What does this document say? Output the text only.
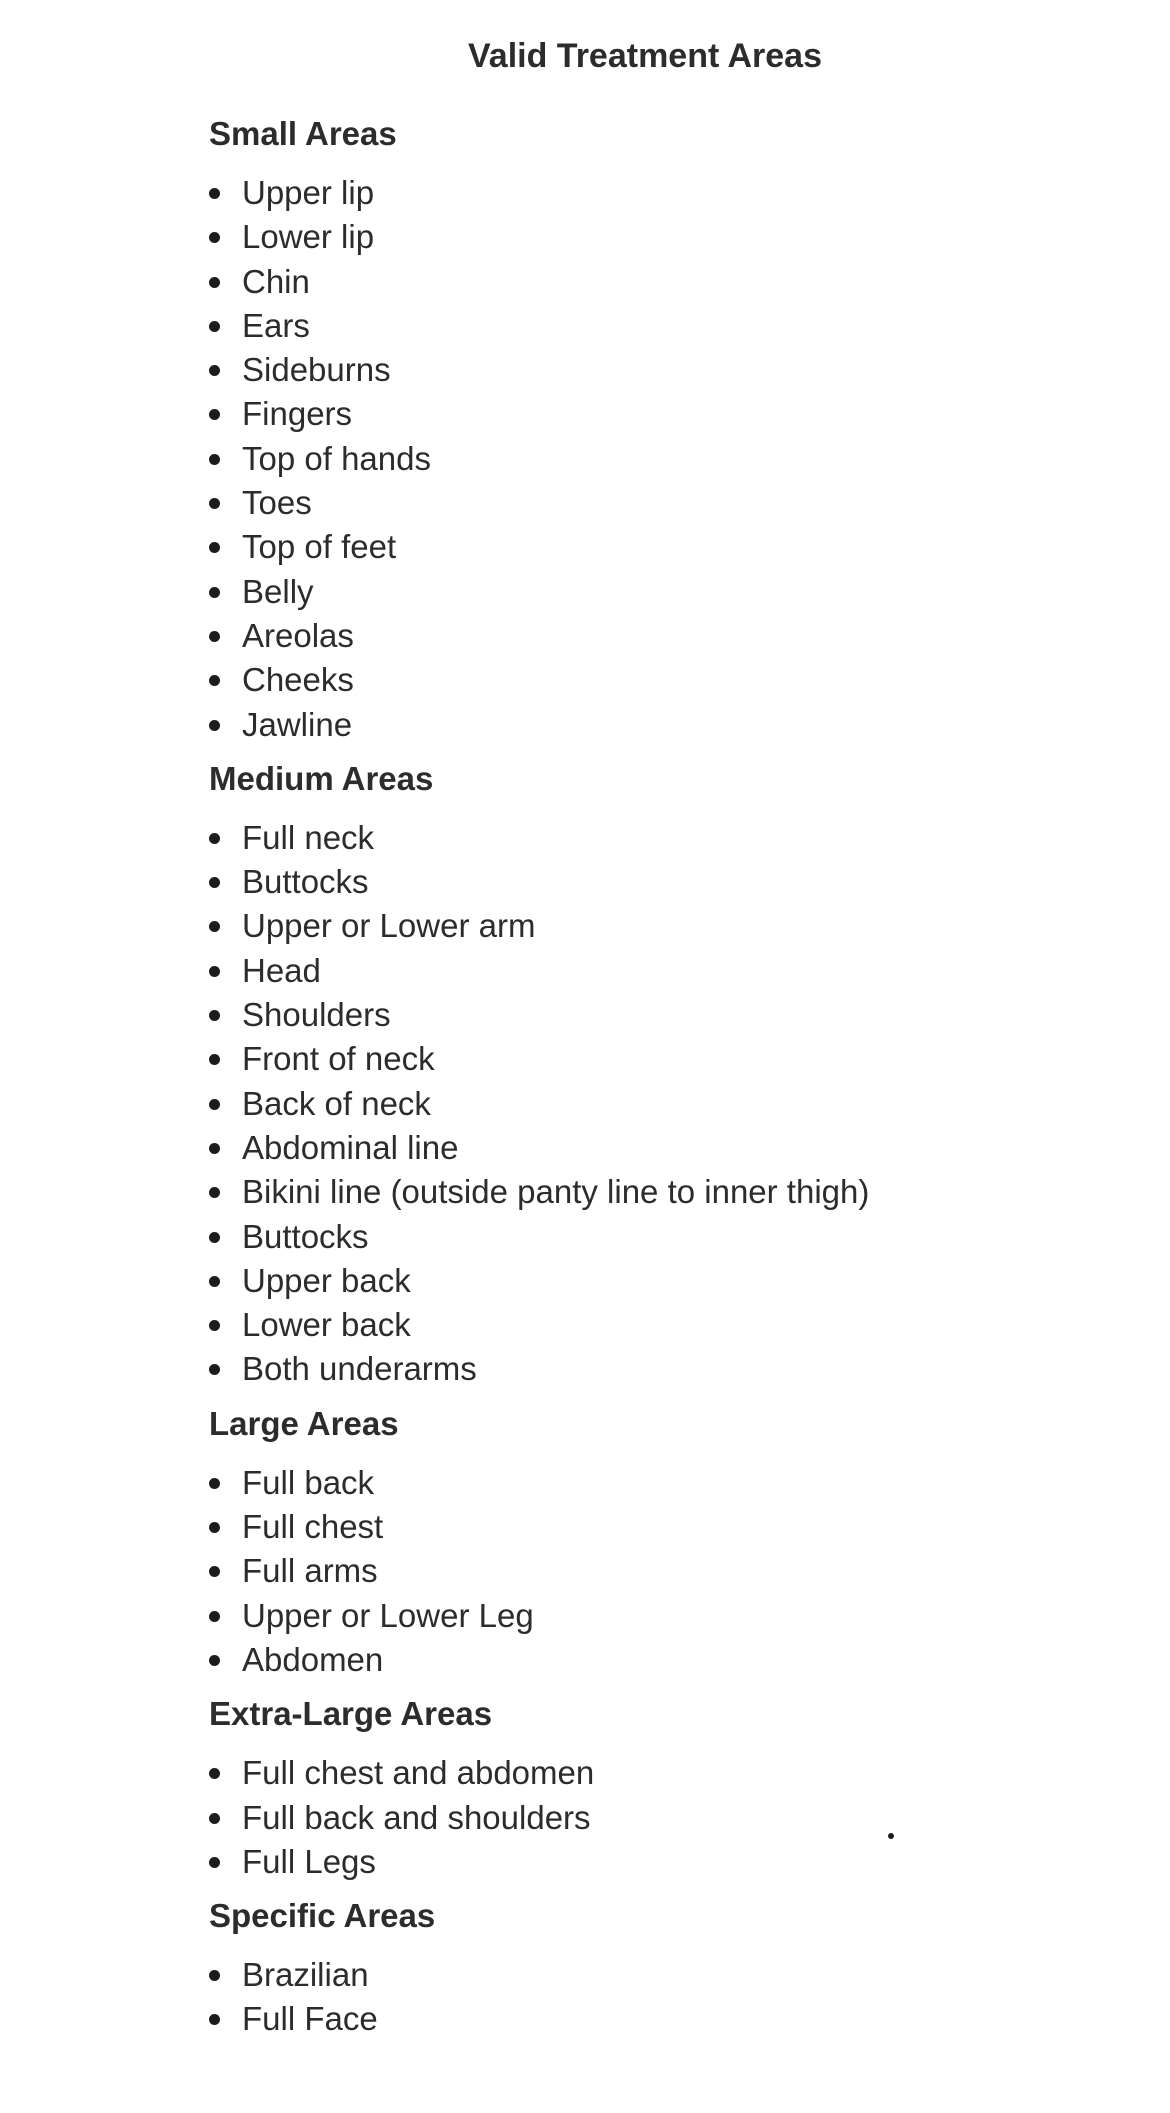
Valid Treatment Areas
Small Areas
Upper lip
Lower lip
Chin
Ears
Sideburns
Fingers
Top of hands
Toes
Top of feet
Belly
Areolas
Cheeks
Jawline
Medium Areas
Full neck
Buttocks
Upper or Lower arm
Head
Shoulders
Front of neck
Back of neck
Abdominal line
Bikini line (outside panty line to inner thigh)
Buttocks
Upper back
Lower back
Both underarms
Large Areas
Full back
Full chest
Full arms
Upper or Lower Leg
Abdomen
Extra-Large Areas
Full chest and abdomen
Full back and shoulders
Full Legs
Specific Areas
Brazilian
Full Face
